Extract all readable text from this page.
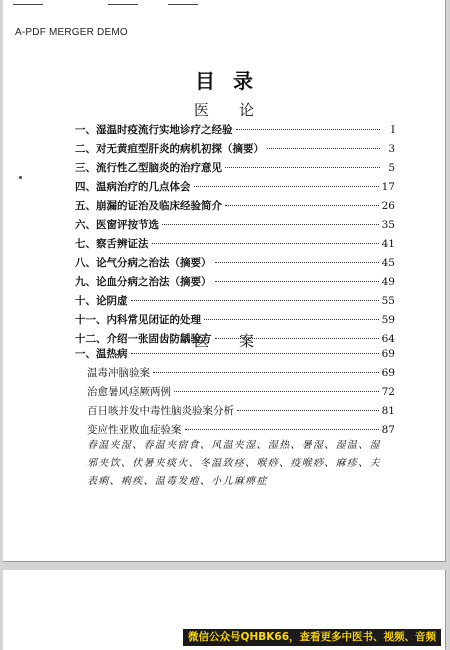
A-PDF MERGER DEMO
目录
医论
一、湿温时疫流行实地诊疗之经验	I
二、对无黄疸型肝炎的病机初探（摘要）	3
三、流行性乙型脑炎的治疗意见	5
四、温病治疗的几点体会	17
五、崩漏的证治及临床经验简介	26
六、医窗评按节选	35
七、察舌辨证法	41
八、论气分病之治法（摘要）	45
九、论血分病之治法（摘要）	49
十、论阴虚	55
十一、内科常见闭证的处理	59
十二、介绍一张固齿防龋验方	64
医案
一、温热病	69
温毒冲脑验案	69
治愈暑风痉厥两例	72
百日咳并发中毒性脑炎验案分析	81
变应性亚败血症验案	87

春温夹湿、春温夹宿食、风温夹湿、湿热、暑湿、湿温、湿邪夹饮、伏暑夹痰火、冬温致痉、喉痧、疫喉痧、麻疹、夫表痢、痢疾、温毒发疱、小儿麻痹症

微信公众号QHBK66，查看更多中医书、视频、音频
